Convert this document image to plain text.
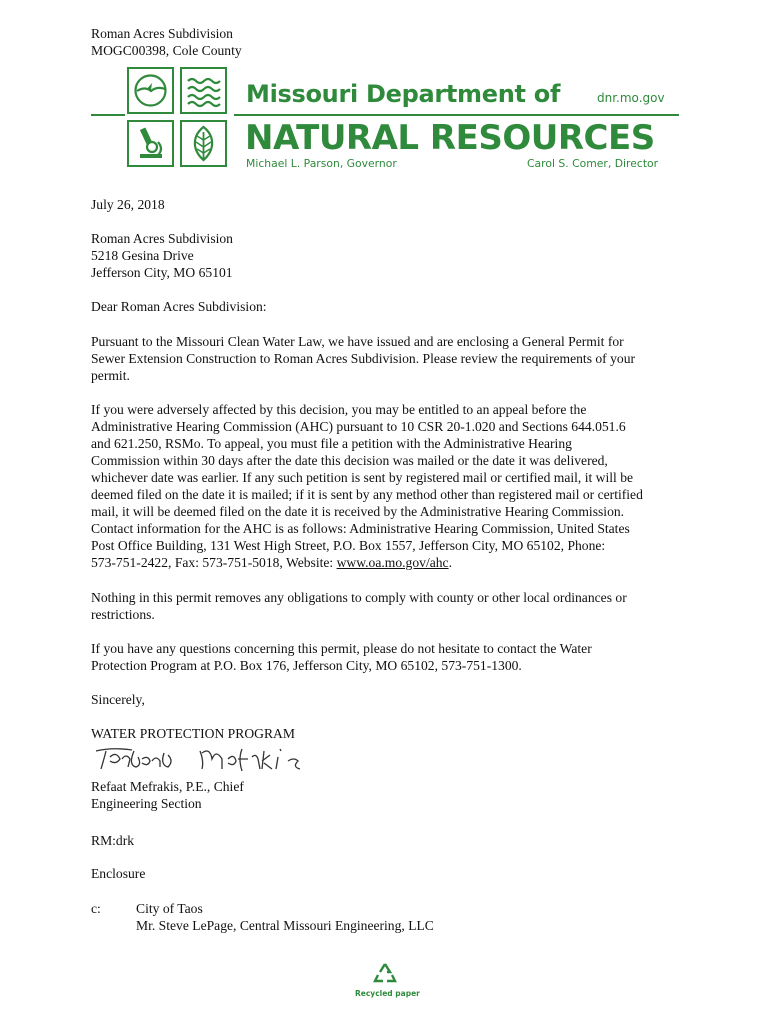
Roman Acres Subdivision
MOGC00398, Cole County
Missouri Department of	dnr.mo.gov
NATURAL RESOURCES
Michael L. Parson, Governor	Carol S. Comer, Director
July 26, 2018
Roman Acres Subdivision
5218 Gesina Drive
Jefferson City, MO 65101
Dear Roman Acres Subdivision:
Pursuant to the Missouri Clean Water Law, we have issued and are enclosing a General Permit for
Sewer Extension Construction to Roman Acres Subdivision. Please review the requirements of your
permit.
If you were adversely affected by this decision, you may be entitled to an appeal before the
Administrative Hearing Commission (AHC) pursuant to 10 CSR 20-1.020 and Sections 644.051.6
and 621.250, RSMo. To appeal, you must file a petition with the Administrative Hearing
Commission within 30 days after the date this decision was mailed or the date it was delivered,
whichever date was earlier. If any such petition is sent by registered mail or certified mail, it will be
deemed filed on the date it is mailed; if it is sent by any method other than registered mail or certified
mail, it will be deemed filed on the date it is received by the Administrative Hearing Commission.
Contact information for the AHC is as follows: Administrative Hearing Commission, United States
Post Office Building, 131 West High Street, P.O. Box 1557, Jefferson City, MO 65102, Phone:
573-751-2422, Fax: 573-751-5018, Website: www.oa.mo.gov/ahc.
Nothing in this permit removes any obligations to comply with county or other local ordinances or
restrictions.
If you have any questions concerning this permit, please do not hesitate to contact the Water
Protection Program at P.O. Box 176, Jefferson City, MO 65102, 573-751-1300.
Sincerely,
WATER PROTECTION PROGRAM
Refaat Mefrakis, P.E., Chief
Engineering Section
RM:drk
Enclosure
c:	City of Taos
Mr. Steve LePage, Central Missouri Engineering, LLC
Recycled paper
